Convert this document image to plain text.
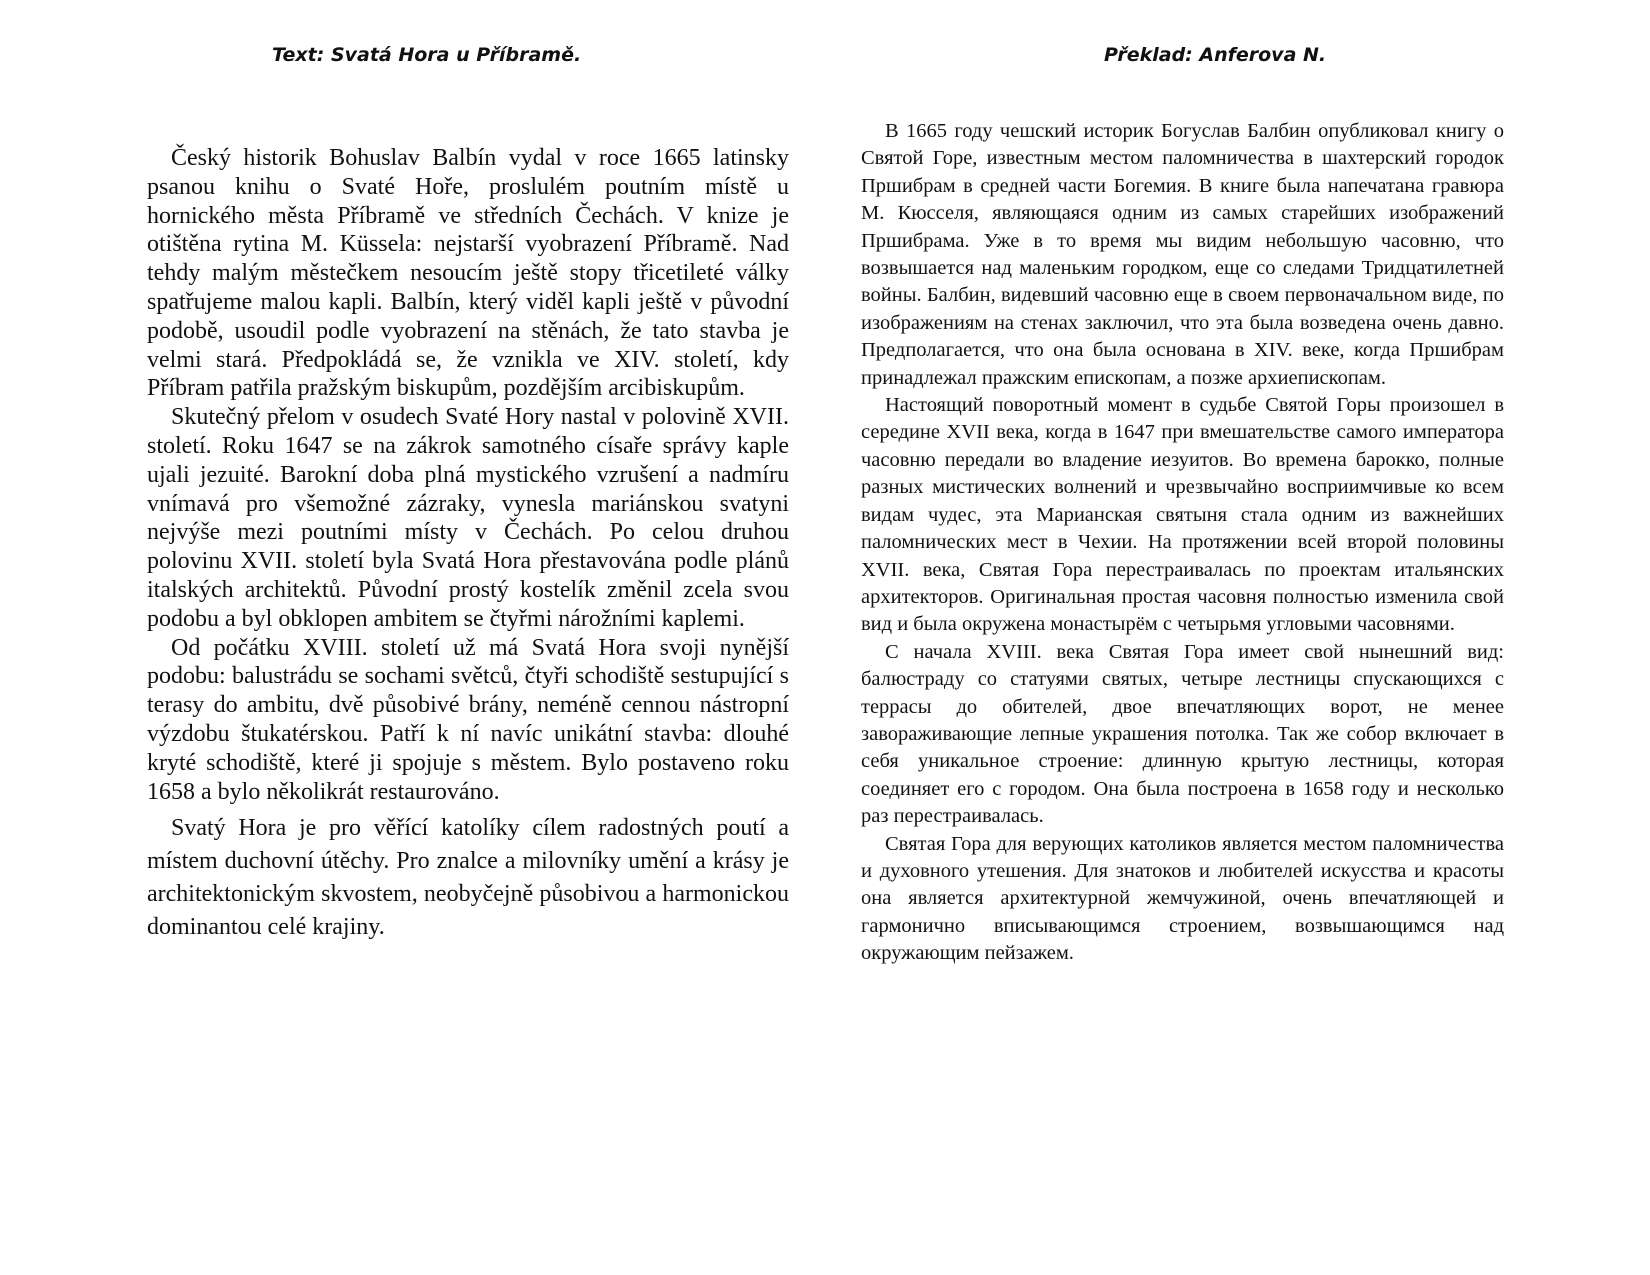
Text: Svatá Hora u Příbramě.	Překlad: Anferova N.

Český historik Bohuslav Balbín vydal v roce 1665 latinsky psanou knihu o Svaté Hoře, proslulém poutním místě u hornického města Příbramě ve středních Čechách. V knize je otištěna rytina M. Küssela: nejstarší vyobrazení Příbramě. Nad tehdy malým městečkem nesoucím ještě stopy třicetileté války spatřujeme malou kapli. Balbín, který viděl kapli ještě v původní podobě, usoudil podle vyobrazení na stěnách, že tato stavba je velmi stará. Předpokládá se, že vznikla ve XIV. století, kdy Příbram patřila pražským biskupům, pozdějším arcibiskupům.

Skutečný přelom v osudech Svaté Hory nastal v polovině XVII. století. Roku 1647 se na zákrok samotného císaře správy kaple ujali jezuité. Barokní doba plná mystického vzrušení a nadmíru vnímavá pro všemožné zázraky, vynesla mariánskou svatyni nejvýše mezi poutními místy v Čechách. Po celou druhou polovinu XVII. století byla Svatá Hora přestavována podle plánů italských architektů. Původní prostý kostelík změnil zcela svou podobu a byl obklopen ambitem se čtyřmi nárožními kaplemi.

Od počátku XVIII. století už má Svatá Hora svoji nynější podobu: balustrádu se sochami světců, čtyři schodiště sestupující s terasy do ambitu, dvě působivé brány, neméně cennou nástropní výzdobu štukatérskou. Patří k ní navíc unikátní stavba: dlouhé kryté schodiště, které ji spojuje s městem. Bylo postaveno roku 1658 a bylo několikrát restaurováno.

Svatý Hora je pro věřící katolíky cílem radostných poutí a místem duchovní útěchy. Pro znalce a milovníky umění a krásy je architektonickým skvostem, neobyčejně působivou a harmonickou dominantou celé krajiny.

В 1665 году чешский историк Богуслав Балбин опубликовал книгу о Святой Горе, известным местом паломничества в шахтерский городок Пршибрам в средней части Богемия. В книге была напечатана гравюра М. Кюсселя, являющаяся одним из самых старейших изображений Пршибрама. Уже в то время мы видим небольшую часовню, что возвышается над маленьким городком, еще со следами Тридцатилетней войны. Балбин, видевший часовню еще в своем первоначальном виде, по изображениям на стенах заключил, что эта была возведена очень давно. Предполагается, что она была основана в XIV. веке, когда Пршибрам принадлежал пражским епископам, а позже архиепископам.

Настоящий поворотный момент в судьбе Святой Горы произошел в середине XVII века, когда в 1647 при вмешательстве самого императора часовню передали во владение иезуитов. Во времена барокко, полные разных мистических волнений и чрезвычайно восприимчивые ко всем видам чудес, эта Марианская святыня стала одним из важнейших паломнических мест в Чехии. На протяжении всей второй половины XVII. века, Святая Гора перестраивалась по проектам итальянских архитекторов. Оригинальная простая часовня полностью изменила свой вид и была окружена монастырём с четырьмя угловыми часовнями.

С начала XVIII. века Святая Гора имеет свой нынешний вид: балюстраду со статуями святых, четыре лестницы спускающихся с террасы до обителей, двое впечатляющих ворот, не менее завораживающие лепные украшения потолка. Так же собор включает в себя уникальное строение: длинную крытую лестницы, которая соединяет его с городом. Она была построена в 1658 году и несколько раз перестраивалась.

Святая Гора для верующих католиков является местом паломничества и духовного утешения. Для знатоков и любителей искусства и красоты она является архитектурной жемчужиной, очень впечатляющей и гармонично вписывающимся строением, возвышающимся над окружающим пейзажем.
